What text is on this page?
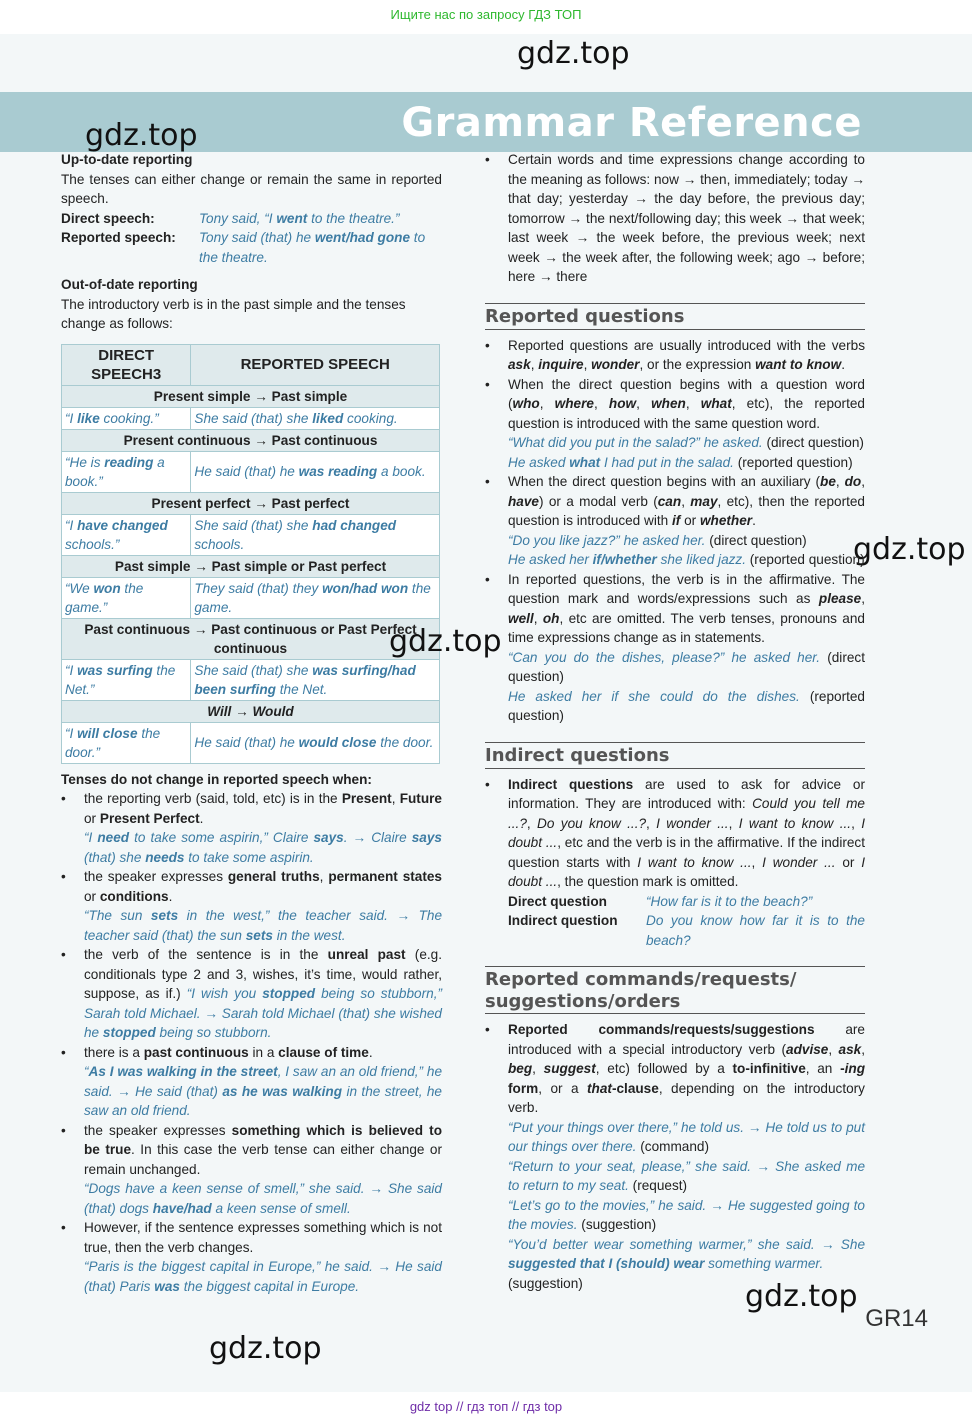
Ищите нас по запросу ГДЗ ТОП
Grammar Reference
gdz.top
gdz.top
gdz.top
gdz.top
gdz.top
gdz.top

Up-to-date reporting

The tenses can either change or remain the same in reported speech.

Direct speech:	Tony said, “I went to the theatre.”
Reported speech:	Tony said (that) he went/had gone to the theatre.

Out-of-date reporting

The introductory verb is in the past simple and the tenses change as follows:

DIRECT SPEECH3	REPORTED SPEECH
Present simple → Past simple	
“I like cooking.”	She said (that) she liked cooking.
Present continuous → Past continuous	
“He is reading a book.”	He said (that) he was reading a book.
Present perfect → Past perfect	
“I have changed schools.”	She said (that) she had changed schools.
Past simple → Past simple or Past perfect	
“We won the game.”	They said (that) they won/had won the game.
Past continuous → Past continuous or Past Perfect continuous	
“I was surfing the Net.”	She said (that) she was surfing/had been surfing the Net.
Will → Would	
“I will close the door.”	He said (that) he would close the door.

Tenses do not change in reported speech when:

• the reporting verb (said, told, etc) is in the Present, Future or Present Perfect.
“I need to take some aspirin,” Claire says. → Claire says (that) she needs to take some aspirin.
• the speaker expresses general truths, permanent states or conditions.
“The sun sets in the west,” the teacher said. → The teacher said (that) the sun sets in the west.
• the verb of the sentence is in the unreal past (e.g. conditionals type 2 and 3, wishes, it’s time, would rather, suppose, as if.) “I wish you stopped being so stubborn,” Sarah told Michael. → Sarah told Michael (that) she wished he stopped being so stubborn.
• there is a past continuous in a clause of time.
“As I was walking in the street, I saw an an old friend,” he said. → He said (that) as he was walking in the street, he saw an old friend.
• the speaker expresses something which is believed to be true. In this case the verb tense can either change or remain unchanged.
“Dogs have a keen sense of smell,” she said. → She said (that) dogs have/had a keen sense of smell.
• However, if the sentence expresses something which is not true, then the verb changes.
“Paris is the biggest capital in Europe,” he said. → He said (that) Paris was the biggest capital in Europe.
• Certain words and time expressions change according to the meaning as follows: now → then, immediately; today → that day; yesterday → the day before, the previous day; tomorrow → the next/following day; this week → that week; last week → the week before, the previous week; next week → the week after, the following week; ago → before; here → there
Reported questions
• Reported questions are usually introduced with the verbs ask, inquire, wonder, or the expression want to know.
• When the direct question begins with a question word (who, where, how, when, what, etc), the reported question is introduced with the same question word.
“What did you put in the salad?” he asked. (direct question)
He asked what I had put in the salad. (reported question)
• When the direct question begins with an auxiliary (be, do, have) or a modal verb (can, may, etc), then the reported question is introduced with if or whether.
“Do you like jazz?” he asked her. (direct question)
He asked her if/whether she liked jazz. (reported question)
• In reported questions, the verb is in the affirmative. The question mark and words/expressions such as please, well, oh, etc are omitted. The verb tenses, pronouns and time expressions change as in statements.
“Can you do the dishes, please?” he asked her. (direct question)
He asked her if she could do the dishes. (reported question)
Indirect questions
• Indirect questions are used to ask for advice or information. They are introduced with: Could you tell me ...?, Do you know ...?, I wonder ..., I want to know ..., I doubt ..., etc and the verb is in the affirmative. If the indirect question starts with I want to know ..., I wonder ... or I doubt ..., the question mark is omitted.
Direct question	“How far is it to the beach?”
Indirect question	Do you know how far it is to the beach?
Reported commands/requests/
suggestions/orders
• Reported commands/requests/suggestions are introduced with a special introductory verb (advise, ask, beg, suggest, etc) followed by a to-infinitive, an -ing form, or a that-clause, depending on the introductory verb.
“Put your things over there,” he told us. → He told us to put our things over there. (command)
“Return to your seat, please,” she said. → She asked me to return to my seat. (request)
“Let’s go to the movies,” he said. → He suggested going to the movies. (suggestion)
“You’d better wear something warmer,” she said. → She suggested that I (should) wear something warmer.
(suggestion)
GR14
gdz top // гдз топ // гдз top
